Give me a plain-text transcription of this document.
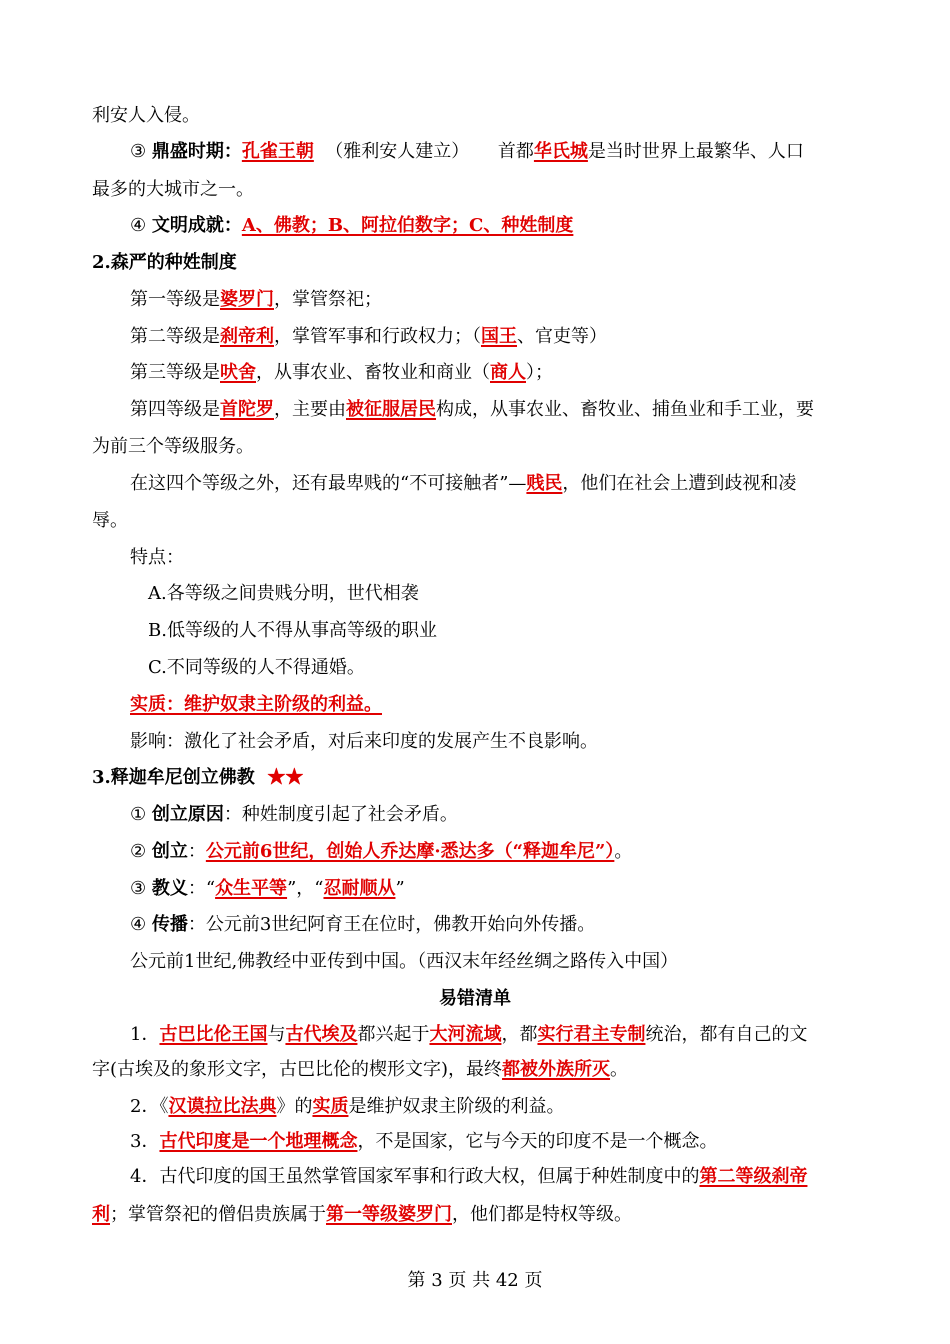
利安人入侵。
③ 鼎盛时期：孔雀王朝  （雅利安人建立）     首都华氏城是当时世界上最繁华、人口
最多的大城市之一。
④ 文明成就：A、佛教；B、阿拉伯数字；C、种姓制度
2.森严的种姓制度
第一等级是婆罗门，掌管祭祀；
第二等级是刹帝利，掌管军事和行政权力；（国王、官吏等）
第三等级是吠舍，从事农业、畜牧业和商业（商人）；
第四等级是首陀罗，主要由被征服居民构成，从事农业、畜牧业、捕鱼业和手工业，要
为前三个等级服务。
在这四个等级之外，还有最卑贱的“不可接触者”—贱民，他们在社会上遭到歧视和凌
辱。
特点：
A.各等级之间贵贱分明，世代相袭
B.低等级的人不得从事高等级的职业
C.不同等级的人不得通婚。
实质：维护奴隶主阶级的利益。
影响：激化了社会矛盾，对后来印度的发展产生不良影响。
3.释迦牟尼创立佛教  ★★
① 创立原因：种姓制度引起了社会矛盾。
② 创立：公元前6世纪，创始人乔达摩·悉达多（“释迦牟尼”）。
③ 教义：“众生平等”，“忍耐顺从”
④ 传播：公元前3世纪阿育王在位时，佛教开始向外传播。
公元前1世纪,佛教经中亚传到中国。（西汉末年经丝绸之路传入中国）
易错清单
1．古巴比伦王国与古代埃及都兴起于大河流域，都实行君主专制统治，都有自己的文
字(古埃及的象形文字，古巴比伦的楔形文字)，最终都被外族所灭。
2．《汉谟拉比法典》的实质是维护奴隶主阶级的利益。
3．古代印度是一个地理概念，不是国家，它与今天的印度不是一个概念。
4．古代印度的国王虽然掌管国家军事和行政大权，但属于种姓制度中的第二等级刹帝
利；掌管祭祀的僧侣贵族属于第一等级婆罗门，他们都是特权等级。
第 3 页 共 42 页
